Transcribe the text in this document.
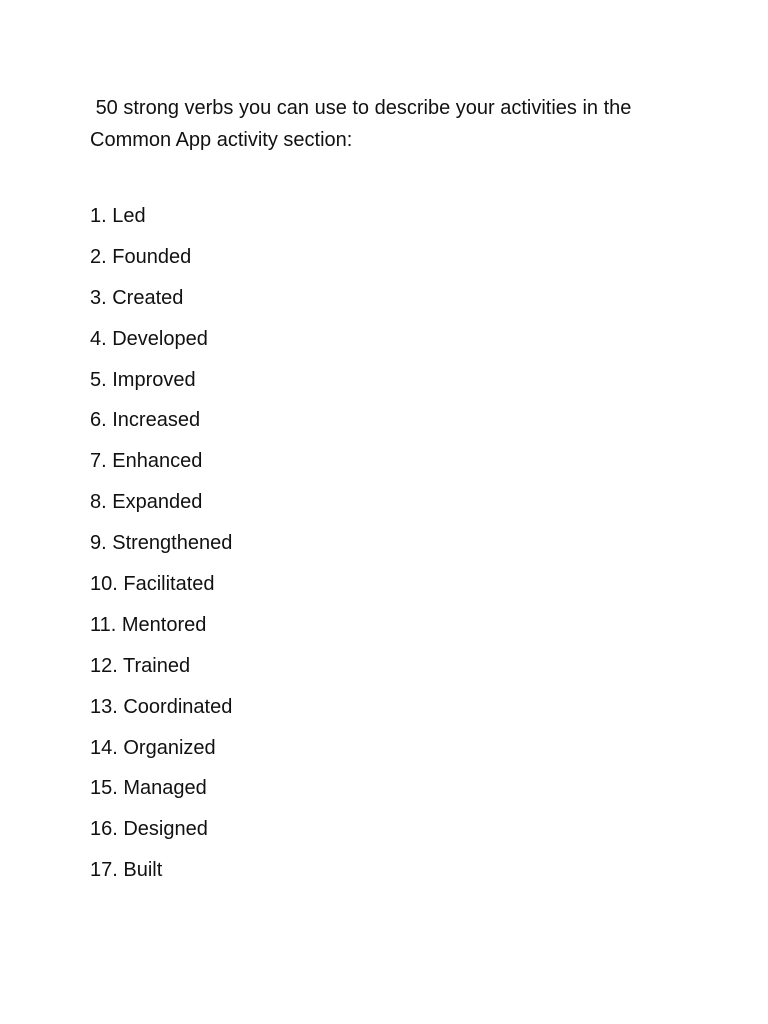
50 strong verbs you can use to describe your activities in the Common App activity section:

1. Led
2. Founded
3. Created
4. Developed
5. Improved
6. Increased
7. Enhanced
8. Expanded
9. Strengthened
10. Facilitated
11. Mentored
12. Trained
13. Coordinated
14. Organized
15. Managed
16. Designed
17. Built
